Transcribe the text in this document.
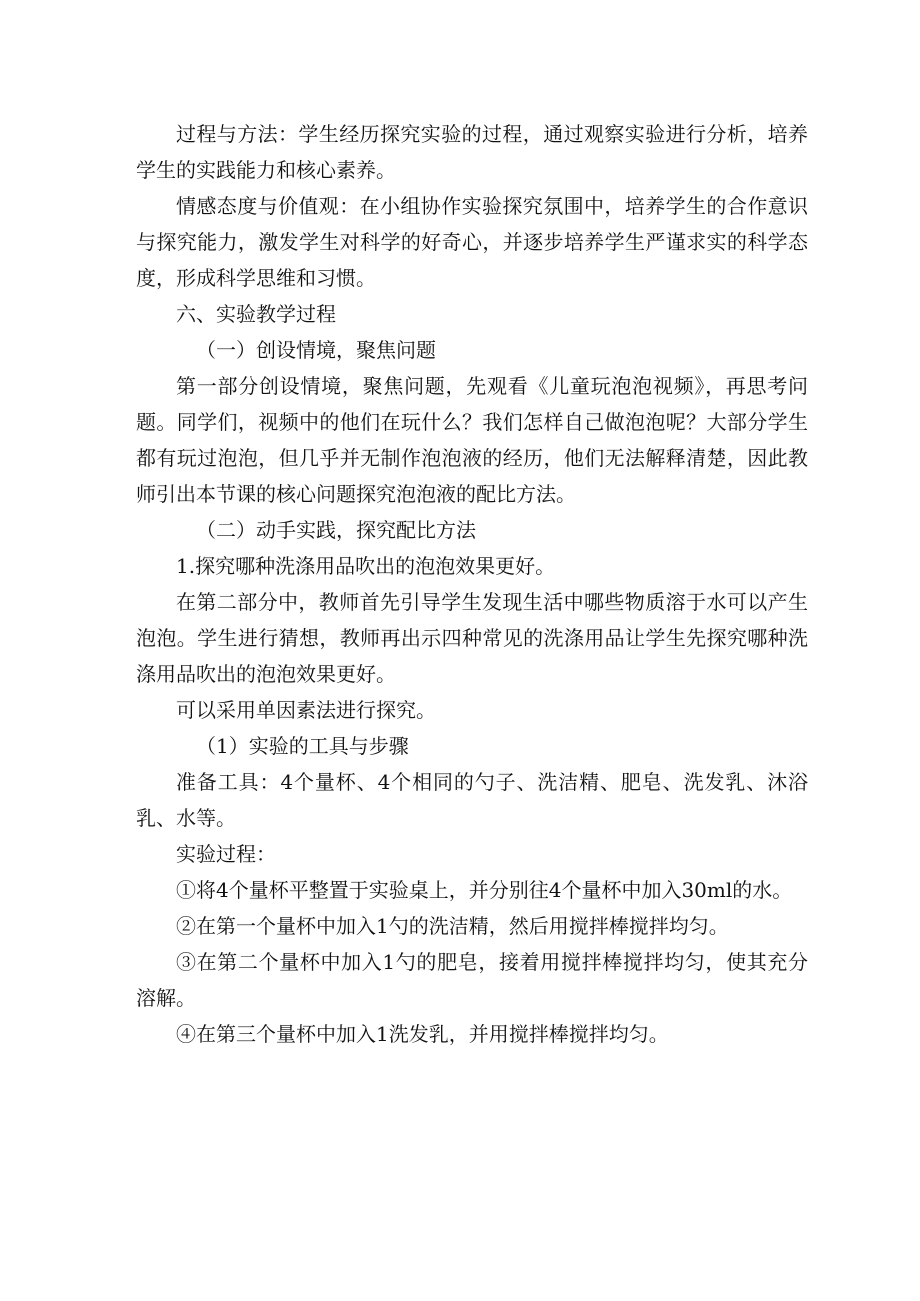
过程与方法：学生经历探究实验的过程，通过观察实验进行分析，培养学生的实践能力和核心素养。

情感态度与价值观：在小组协作实验探究氛围中，培养学生的合作意识与探究能力，激发学生对科学的好奇心，并逐步培养学生严谨求实的科学态度，形成科学思维和习惯。

六、实验教学过程

（一）创设情境，聚焦问题

第一部分创设情境，聚焦问题，先观看《儿童玩泡泡视频》，再思考问题。同学们，视频中的他们在玩什么？我们怎样自己做泡泡呢？大部分学生都有玩过泡泡，但几乎并无制作泡泡液的经历，他们无法解释清楚，因此教师引出本节课的核心问题探究泡泡液的配比方法。

（二）动手实践，探究配比方法

1.探究哪种洗涤用品吹出的泡泡效果更好。

在第二部分中，教师首先引导学生发现生活中哪些物质溶于水可以产生泡泡。学生进行猜想，教师再出示四种常见的洗涤用品让学生先探究哪种洗涤用品吹出的泡泡效果更好。

可以采用单因素法进行探究。

（1）实验的工具与步骤

准备工具：4个量杯、4个相同的勺子、洗洁精、肥皂、洗发乳、沐浴乳、水等。

实验过程：

①将4个量杯平整置于实验桌上，并分别往4个量杯中加入30ml的水。

②在第一个量杯中加入1勺的洗洁精，然后用搅拌棒搅拌均匀。

③在第二个量杯中加入1勺的肥皂，接着用搅拌棒搅拌均匀，使其充分溶解。

④在第三个量杯中加入1洗发乳，并用搅拌棒搅拌均匀。
